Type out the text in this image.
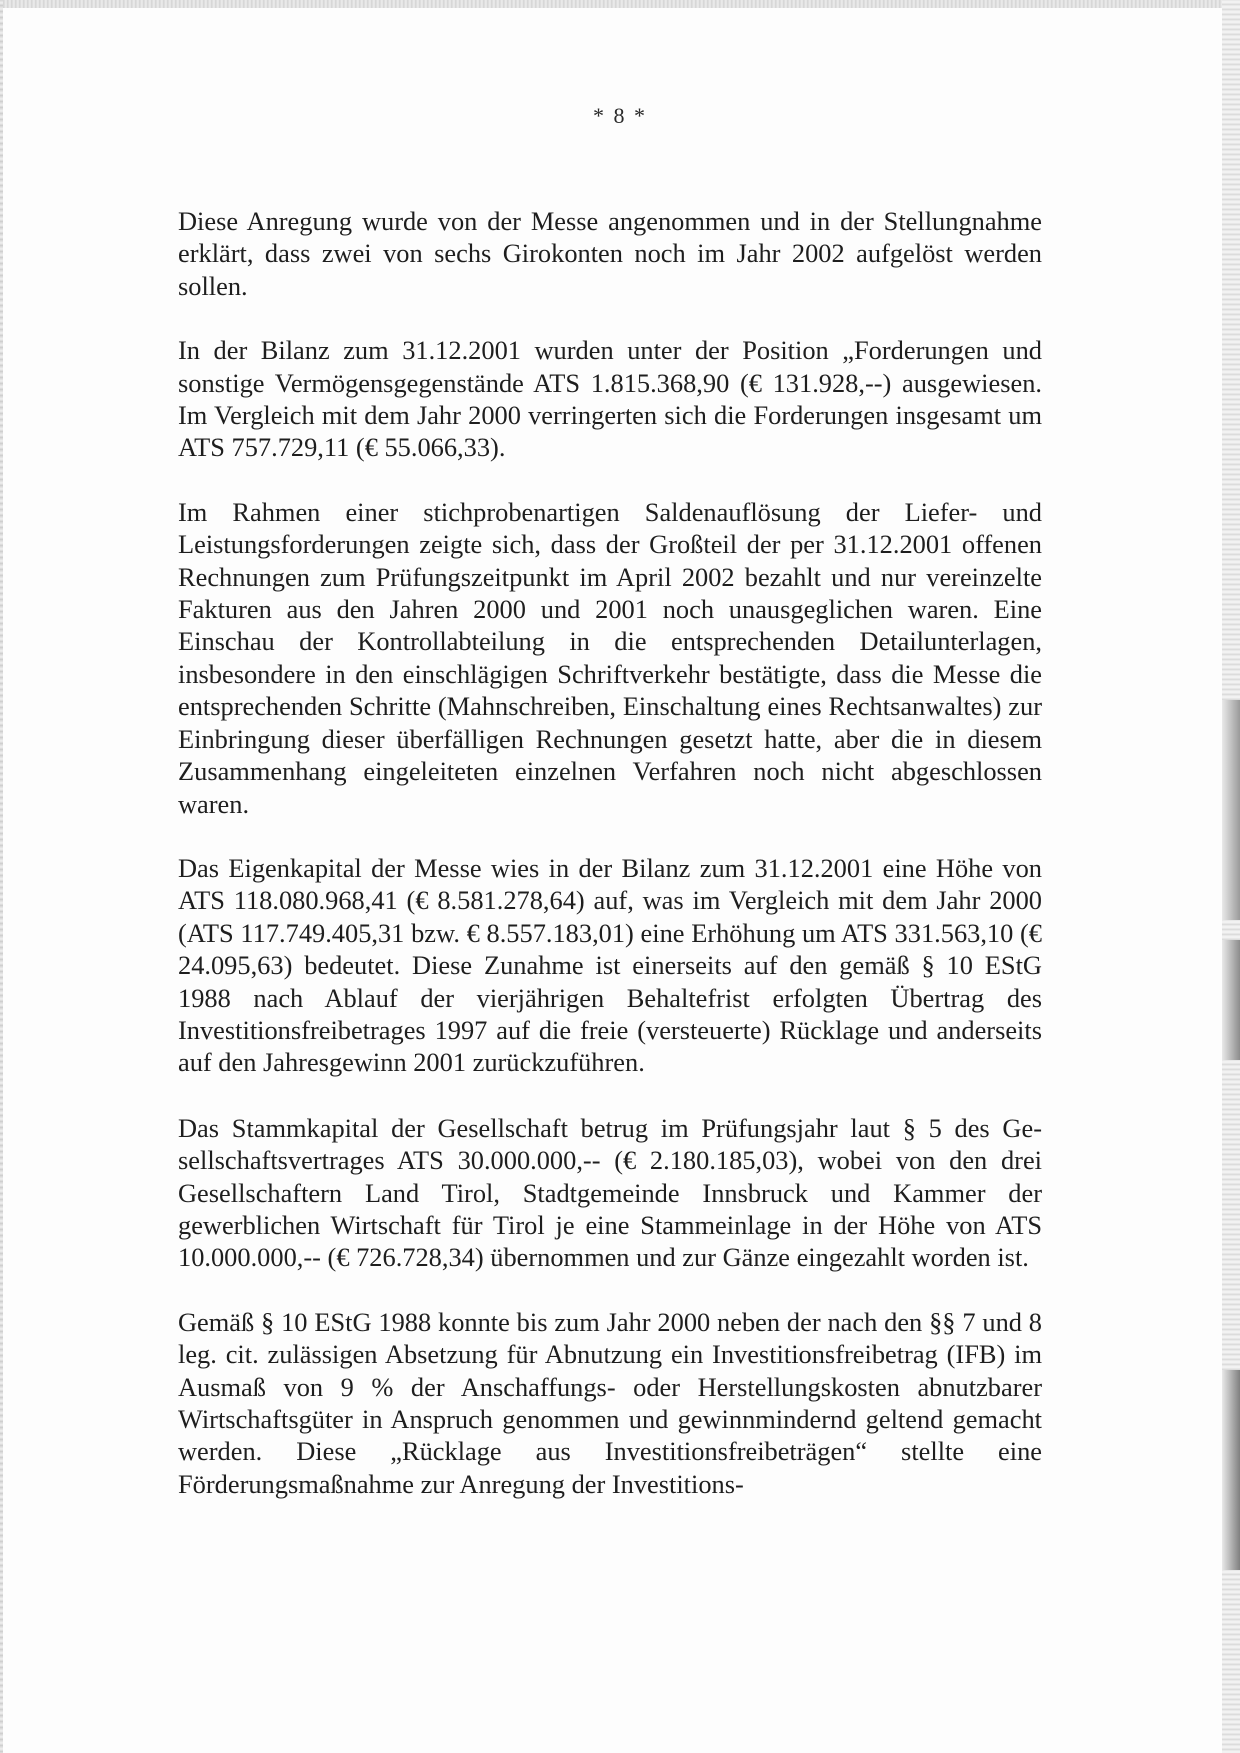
* 8 *

Diese Anregung wurde von der Messe angenommen und in der Stellungnahme erklärt, dass zwei von sechs Girokonten noch im Jahr 2002 aufgelöst werden sollen.

In der Bilanz zum 31.12.2001 wurden unter der Position „Forderungen und sonstige Vermögensgegenstände ATS 1.815.368,90 (€ 131.928,--) ausgewiesen. Im Vergleich mit dem Jahr 2000 verringerten sich die Forderungen insgesamt um ATS 757.729,11 (€ 55.066,33).

Im Rahmen einer stichprobenartigen Saldenauflösung der Liefer- und Leistungsforderungen zeigte sich, dass der Großteil der per 31.12.2001 offenen Rechnungen zum Prüfungszeitpunkt im April 2002 bezahlt und nur vereinzelte Fakturen aus den Jahren 2000 und 2001 noch unausgeglichen waren. Eine Einschau der Kontrollabteilung in die entsprechenden Detailunterlagen, insbesondere in den einschlägigen Schriftverkehr bestätigte, dass die Messe die entsprechenden Schritte (Mahnschreiben, Einschaltung eines Rechtsanwaltes) zur Einbringung dieser überfälligen Rechnungen gesetzt hatte, aber die in diesem Zusammenhang eingeleiteten einzelnen Verfahren noch nicht abgeschlossen waren.

Das Eigenkapital der Messe wies in der Bilanz zum 31.12.2001 eine Höhe von ATS 118.080.968,41 (€ 8.581.278,64) auf, was im Vergleich mit dem Jahr 2000 (ATS 117.749.405,31 bzw. € 8.557.183,01) eine Erhöhung um ATS 331.563,10 (€ 24.095,63) bedeutet. Diese Zunahme ist einerseits auf den gemäß § 10 EStG 1988 nach Ablauf der vierjährigen Behaltefrist erfolgten Übertrag des Investitionsfreibetrages 1997 auf die freie (versteuerte) Rücklage und anderseits auf den Jahresgewinn 2001 zurückzuführen.

Das Stammkapital der Gesellschaft betrug im Prüfungsjahr laut § 5 des Gesellschaftsvertrages ATS 30.000.000,-- (€ 2.180.185,03), wobei von den drei Gesellschaftern Land Tirol, Stadtgemeinde Innsbruck und Kammer der gewerblichen Wirtschaft für Tirol je eine Stammeinlage in der Höhe von ATS 10.000.000,-- (€ 726.728,34) übernommen und zur Gänze eingezahlt worden ist.

Gemäß § 10 EStG 1988 konnte bis zum Jahr 2000 neben der nach den §§ 7 und 8 leg. cit. zulässigen Absetzung für Abnutzung ein Investitionsfreibetrag (IFB) im Ausmaß von 9 % der Anschaffungs- oder Herstellungskosten abnutzbarer Wirtschaftsgüter in Anspruch genommen und gewinnmindernd geltend gemacht werden. Diese „Rücklage aus Investitionsfreibeträgen“ stellte eine Förderungsmaßnahme zur Anregung der Investitions-
